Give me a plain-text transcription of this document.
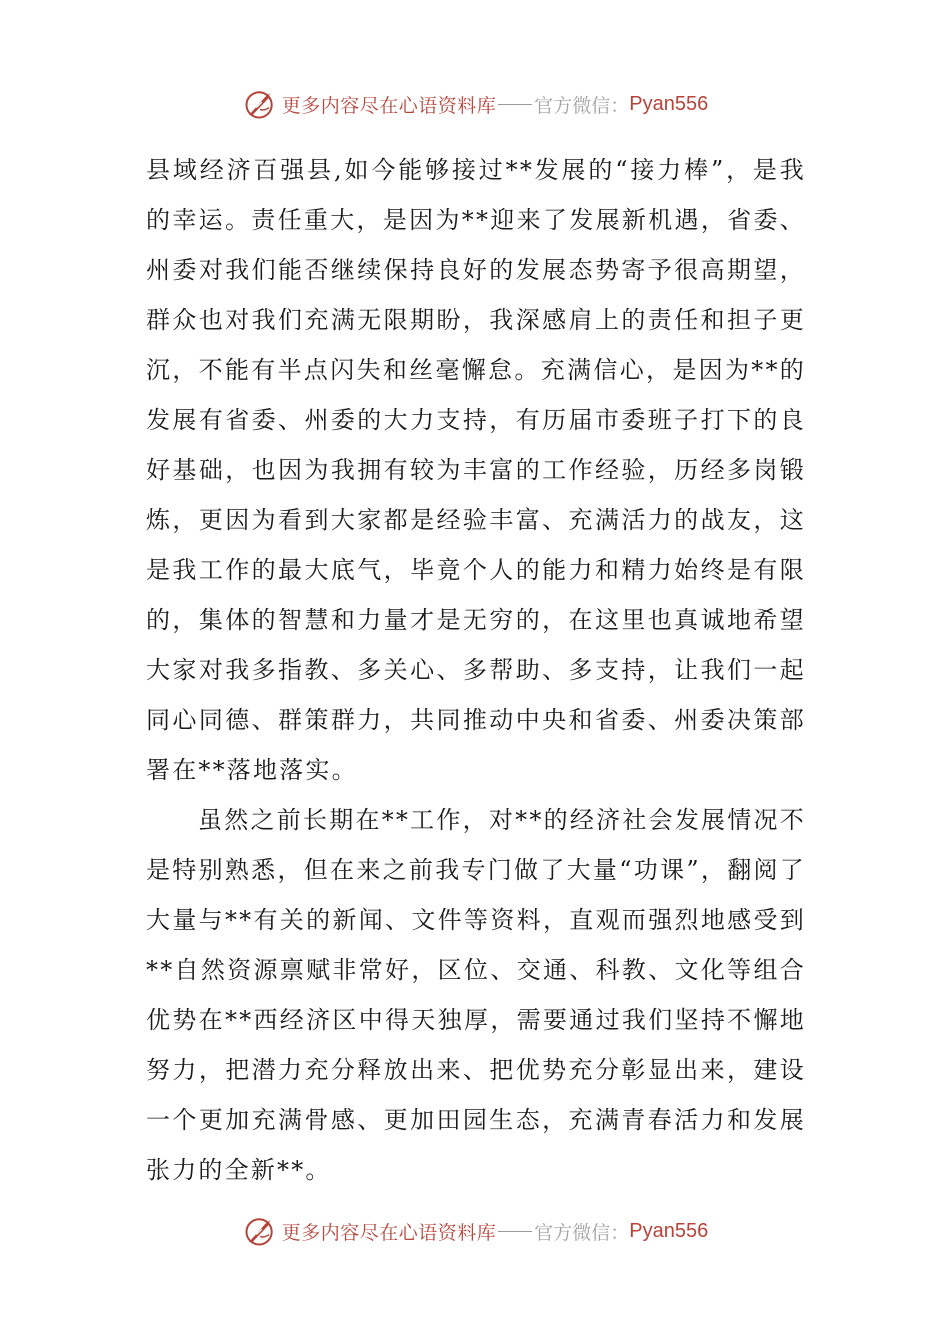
更多内容尽在心语资料库 官方微信： Pyan556

县域经济百强县,如今能够接过**发展的“接力棒”，是我的幸运。责任重大，是因为**迎来了发展新机遇，省委、州委对我们能否继续保持良好的发展态势寄予很高期望，群众也对我们充满无限期盼，我深感肩上的责任和担子更沉，不能有半点闪失和丝毫懈怠。充满信心，是因为**的发展有省委、州委的大力支持，有历届市委班子打下的良好基础，也因为我拥有较为丰富的工作经验，历经多岗锻炼，更因为看到大家都是经验丰富、充满活力的战友，这是我工作的最大底气，毕竟个人的能力和精力始终是有限的，集体的智慧和力量才是无穷的，在这里也真诚地希望大家对我多指教、多关心、多帮助、多支持，让我们一起同心同德、群策群力，共同推动中央和省委、州委决策部署在**落地落实。

虽然之前长期在**工作，对**的经济社会发展情况不是特别熟悉，但在来之前我专门做了大量“功课”，翻阅了大量与**有关的新闻、文件等资料，直观而强烈地感受到**自然资源禀赋非常好，区位、交通、科教、文化等组合优势在**西经济区中得天独厚，需要通过我们坚持不懈地努力，把潜力充分释放出来、把优势充分彰显出来，建设一个更加充满骨感、更加田园生态，充满青春活力和发展张力的全新**。

更多内容尽在心语资料库 官方微信： Pyan556
